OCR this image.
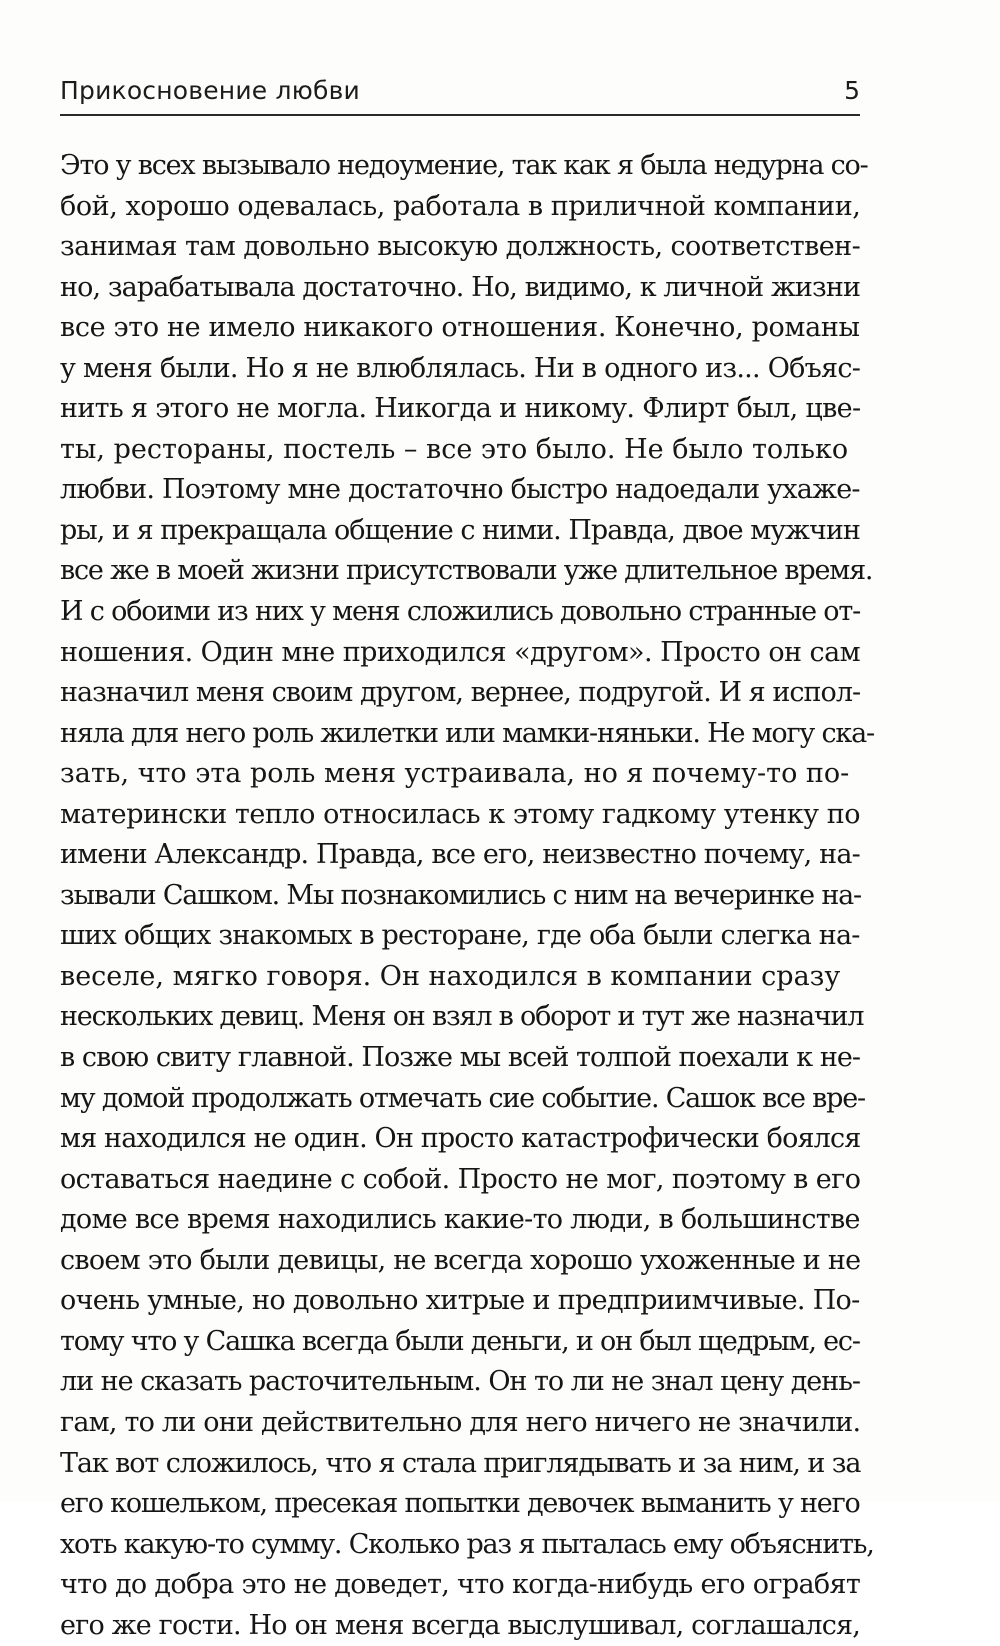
Прикосновение любви	5
Это у всех вызывало недоумение, так как я была недурна со-
бой, хорошо одевалась, работала в приличной компании,
занимая там довольно высокую должность, соответствен-
но, зарабатывала достаточно. Но, видимо, к личной жизни
все это не имело никакого отношения. Конечно, романы
у меня были. Но я не влюблялась. Ни в одного из... Объяс-
нить я этого не могла. Никогда и никому. Флирт был, цве-
ты, рестораны, постель – все это было. Не было только
любви. Поэтому мне достаточно быстро надоедали ухаже-
ры, и я прекращала общение с ними. Правда, двое мужчин
все же в моей жизни присутствовали уже длительное время.
И с обоими из них у меня сложились довольно странные от-
ношения. Один мне приходился «другом». Просто он сам
назначил меня своим другом, вернее, подругой. И я испол-
няла для него роль жилетки или мамки-няньки. Не могу ска-
зать, что эта роль меня устраивала, но я почему-то по-
матерински тепло относилась к этому гадкому утенку по
имени Александр. Правда, все его, неизвестно почему, на-
зывали Сашком. Мы познакомились с ним на вечеринке на-
ших общих знакомых в ресторане, где оба были слегка на-
веселе, мягко говоря. Он находился в компании сразу
нескольких девиц. Меня он взял в оборот и тут же назначил
в свою свиту главной. Позже мы всей толпой поехали к не-
му домой продолжать отмечать сие событие. Сашок все вре-
мя находился не один. Он просто катастрофически боялся
оставаться наедине с собой. Просто не мог, поэтому в его
доме все время находились какие-то люди, в большинстве
своем это были девицы, не всегда хорошо ухоженные и не
очень умные, но довольно хитрые и предприимчивые. По-
тому что у Сашка всегда были деньги, и он был щедрым, ес-
ли не сказать расточительным. Он то ли не знал цену день-
гам, то ли они действительно для него ничего не значили.
Так вот сложилось, что я стала приглядывать и за ним, и за
его кошельком, пресекая попытки девочек выманить у него
хоть какую-то сумму. Сколько раз я пыталась ему объяснить,
что до добра это не доведет, что когда-нибудь его ограбят
его же гости. Но он меня всегда выслушивал, соглашался,
